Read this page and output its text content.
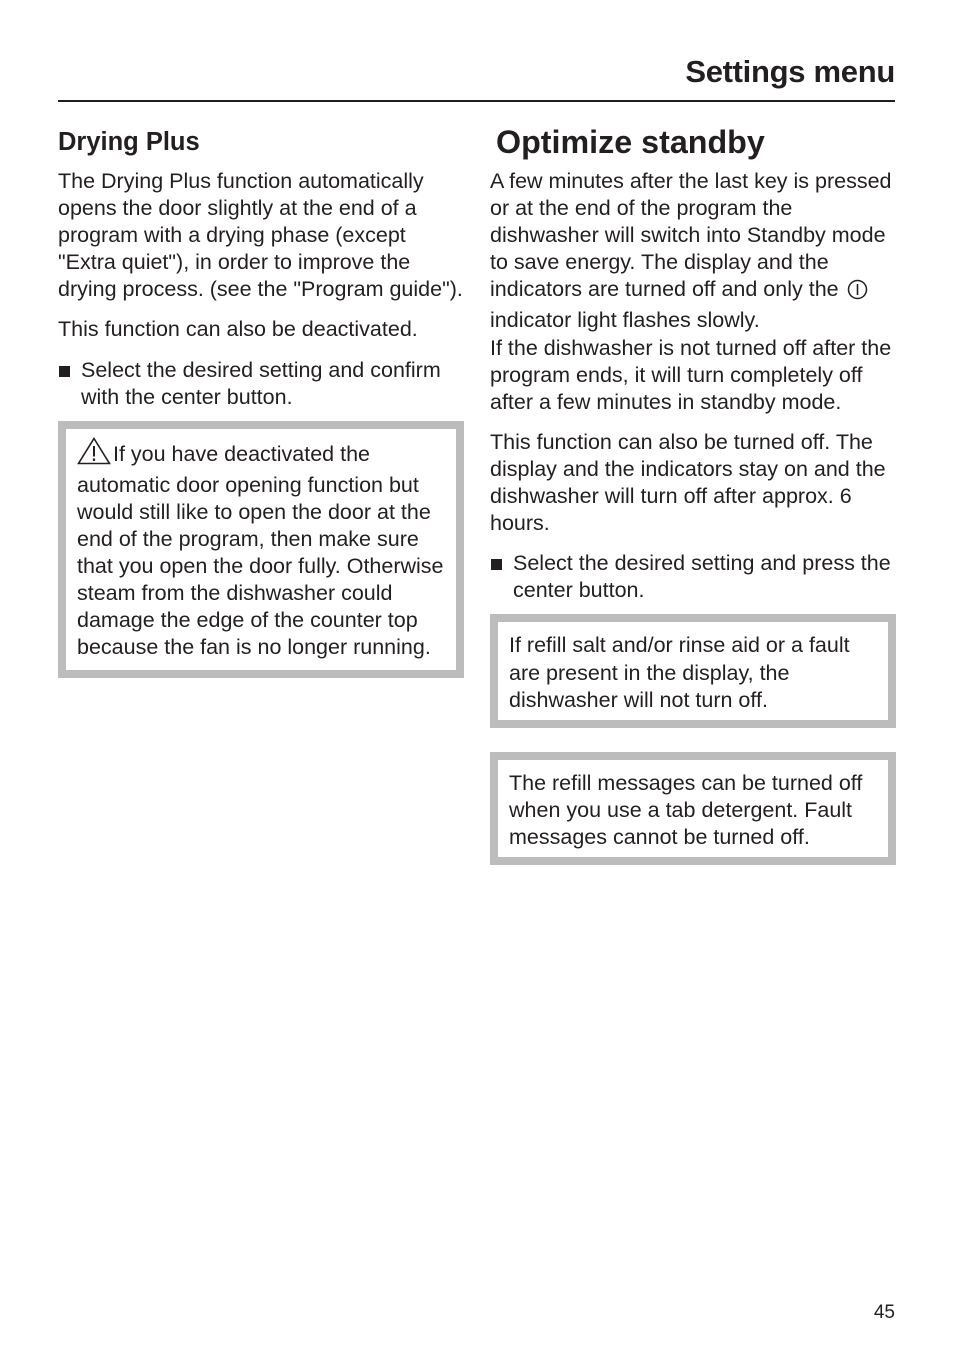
Settings menu
Drying Plus

The Drying Plus function automatically opens the door slightly at the end of a program with a drying phase (except "Extra quiet"), in order to improve the drying process. (see the "Program guide").

This function can also be deactivated.

Select the desired setting and confirm with the center button.
If you have deactivated the automatic door opening function but would still like to open the door at the end of the program, then make sure that you open the door fully. Otherwise steam from the dishwasher could damage the edge of the counter top because the fan is no longer running.
Optimize standby

A few minutes after the last key is pressed or at the end of the program the dishwasher will switch into Standby mode to save energy. The display and the indicators are turned off and only the  indicator light flashes slowly.
If the dishwasher is not turned off after the program ends, it will turn completely off after a few minutes in standby mode.

This function can also be turned off. The display and the indicators stay on and the dishwasher will turn off after approx. 6 hours.

Select the desired setting and press the center button.
If refill salt and/or rinse aid or a fault are present in the display, the dishwasher will not turn off.
The refill messages can be turned off when you use a tab detergent. Fault messages cannot be turned off.
45
